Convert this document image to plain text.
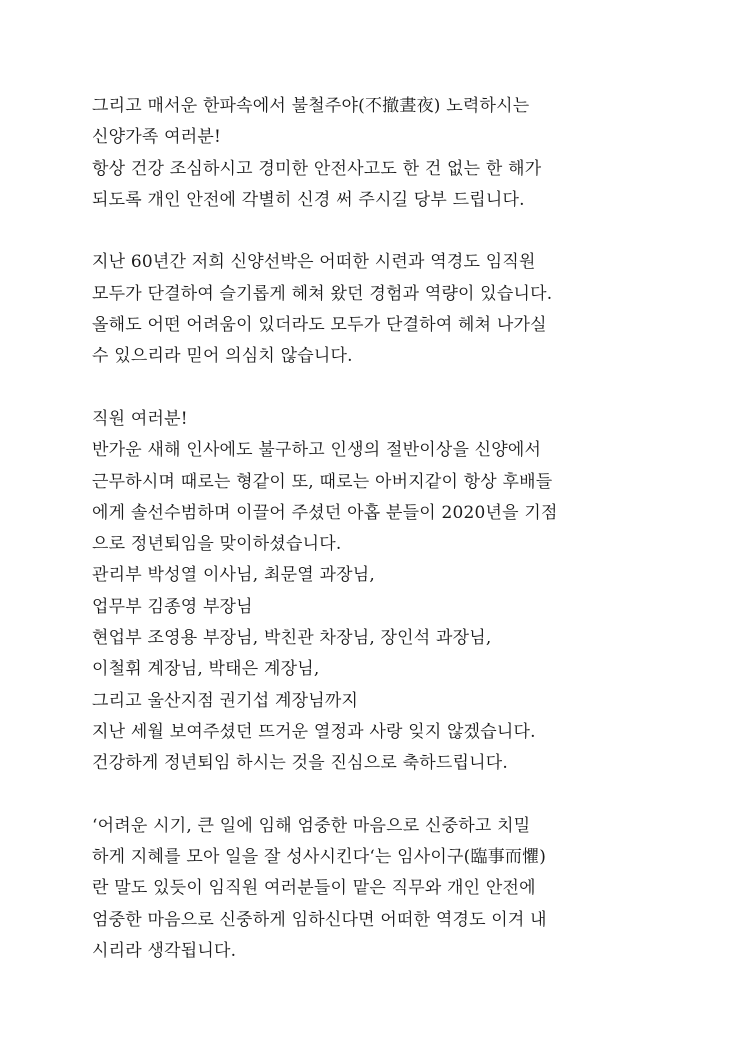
그리고 매서운 한파속에서 불철주야(不撤晝夜) 노력하시는
신양가족 여러분!
항상 건강 조심하시고 경미한 안전사고도 한 건 없는 한 해가
되도록 개인 안전에 각별히 신경 써 주시길 당부 드립니다.
지난 60년간 저희 신양선박은 어떠한 시련과 역경도 임직원
모두가 단결하여 슬기롭게 헤쳐 왔던 경험과 역량이 있습니다.
올해도 어떤 어려움이 있더라도 모두가 단결하여 헤쳐 나가실
수 있으리라 믿어 의심치 않습니다.
직원 여러분!
반가운 새해 인사에도 불구하고 인생의 절반이상을 신양에서
근무하시며 때로는 형같이 또, 때로는 아버지같이 항상 후배들
에게 솔선수범하며 이끌어 주셨던 아홉 분들이 2020년을 기점
으로 정년퇴임을 맞이하셨습니다.
관리부 박성열 이사님, 최문열 과장님,
업무부 김종영 부장님
현업부 조영용 부장님, 박친관 차장님, 장인석 과장님,
이철휘 계장님, 박태은 계장님,
그리고 울산지점 권기섭 계장님까지
지난 세월 보여주셨던 뜨거운 열정과 사랑 잊지 않겠습니다.
건강하게 정년퇴임 하시는 것을 진심으로 축하드립니다.
‘어려운 시기, 큰 일에 임해 엄중한 마음으로 신중하고 치밀
하게 지혜를 모아 일을 잘 성사시킨다‘는 임사이구(臨事而懼)
란 말도 있듯이 임직원 여러분들이 맡은 직무와 개인 안전에
엄중한 마음으로 신중하게 임하신다면 어떠한 역경도 이겨 내
시리라 생각됩니다.
